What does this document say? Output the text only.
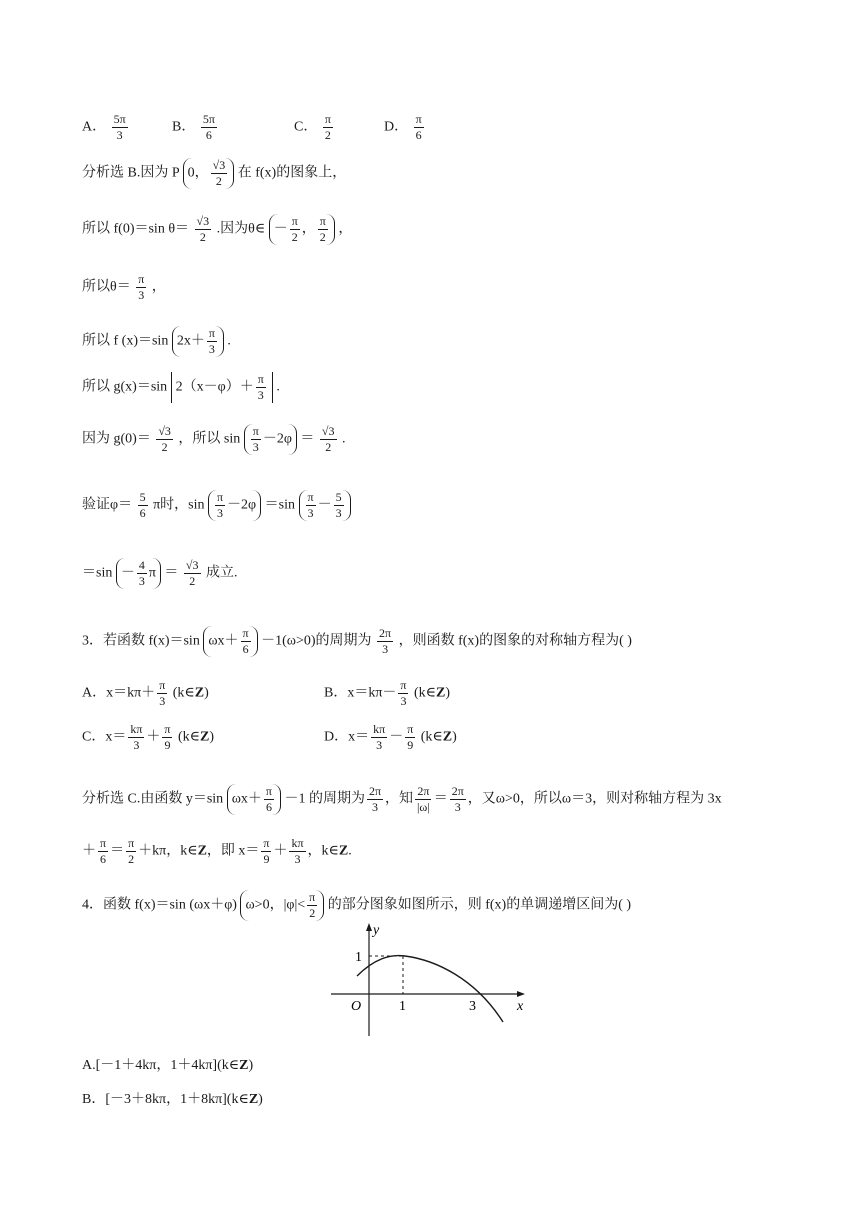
A． $\frac{5\pi}{3}$	B． $\frac{5\pi}{6}$	C． $\frac{\pi}{2}$	D． $\frac{\pi}{6}$
分析选 B.因为 P 0， $\frac{√3}{2}$ 在 f(x)的图象上，
所以 f(0)＝sin $\theta= \frac{√3}{2}$ .因为θ∈ － $\frac{\pi}{2}$ ， $\frac{\pi}{2}$ ，
所以$\theta= \frac{\pi}{3}$ ，
所以 f (x)＝sin $2x+ \frac{\pi}{3}$ .
所以 g(x)＝sin $2(x-\varphi)+ \frac{\pi}{3}$ .
因为 $g(0)= \frac{√3}{2}$ ，所以 $\sin \frac{\pi}{3} -2\varphi = \frac{√3}{2}$ .
验证$\varphi= \frac{5}{6}$ π时，$\sin \frac{\pi}{3} -2\varphi =\sin \frac{\pi}{3} - \frac{5}{3}$
$=\sin - \frac{4}{3}$ $\pi = \frac{√3}{2}$ 成立.
3．若函数 f(x)＝sin $\omega x+ \frac{\pi}{6} -1(\omega>0)$的周期为 $\frac{2\pi}{3}$ ，则函数 f(x)的图象的对称轴方程为( )
A．$x=k\pi+ \frac{\pi}{3}$ (k∈Z)	B．$x=k\pi- \frac{\pi}{3}$ (k∈Z)
C．$x= \frac{k\pi}{3} + \frac{\pi}{9}$ (k∈Z)	D．$x= \frac{k\pi}{3} - \frac{\pi}{9}$ (k∈Z)
分析选 C.由函数 y＝sin $\omega x+ \frac{\pi}{6} -1$ 的周期为 $\frac{2\pi}{3}$ ，知 $\frac{2\pi}{|\omega|} = \frac{2\pi}{3}$ ，又ω>0，所以ω＝3，则对称轴方程为 3x
＋ $\frac{\pi}{6} = \frac{\pi}{2} +k\pi$，k∈Z，即 $x= \frac{\pi}{9} + \frac{k\pi}{3}$ ，k∈Z.
4．函数 f(x)＝sin (ωx＋φ) ω>0，$|\varphi|< \frac{\pi}{2}$ 的部分图象如图所示，则 f(x)的单调递增区间为( )
y
x
O	1	3
1
A.[－1＋4kπ，1＋4kπ](k∈Z)
B．[－3＋8kπ，1＋8kπ](k∈Z)
